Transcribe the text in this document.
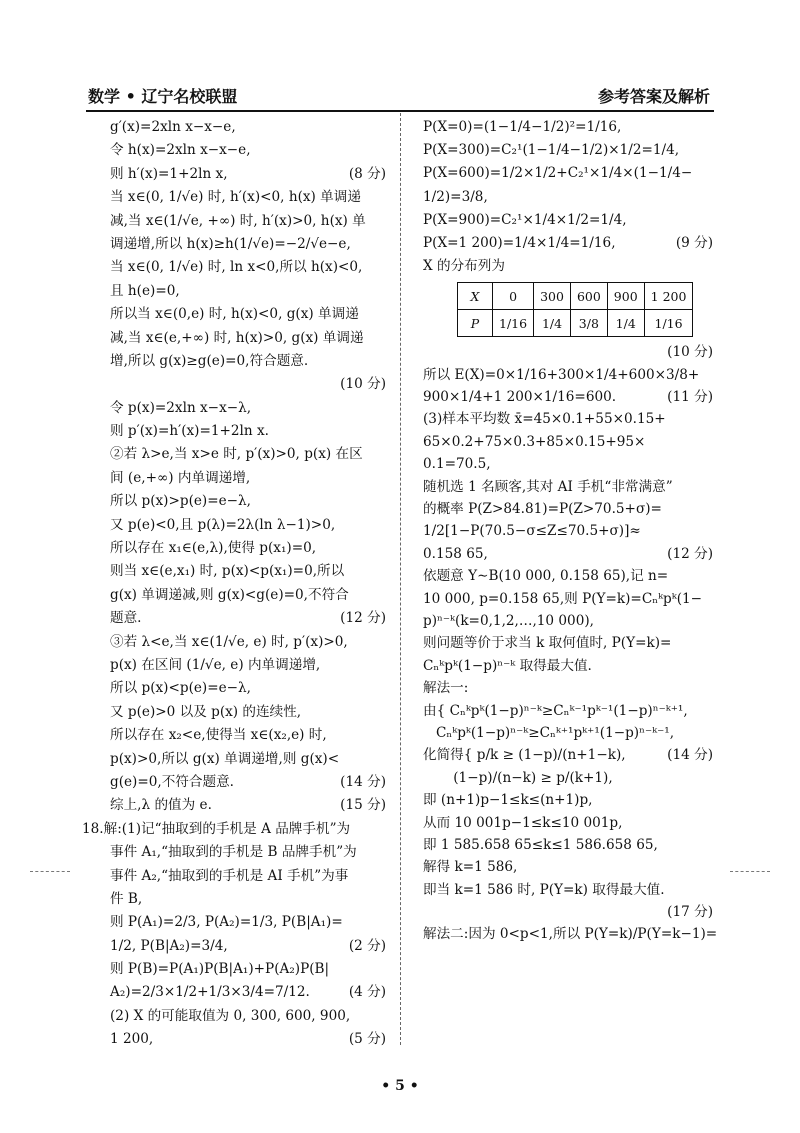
数学 • 辽宁名校联盟	参考答案及解析
g′(x)=2xln x−x−e,
令 h(x)=2xln x−x−e,
则 h′(x)=1+2ln x,	(8 分)
当 x∈(0, 1/√e) 时, h′(x)<0, h(x) 单调递
减,当 x∈(1/√e, +∞) 时, h′(x)>0, h(x) 单
调递增,所以 h(x)≥h(1/√e)=−2/√e−e,
当 x∈(0, 1/√e) 时, ln x<0,所以 h(x)<0,
且 h(e)=0,
所以当 x∈(0,e) 时, h(x)<0, g(x) 单调递
减,当 x∈(e,+∞) 时, h(x)>0, g(x) 单调递
增,所以 g(x)≥g(e)=0,符合题意.
(10 分)
令 p(x)=2xln x−x−λ,
则 p′(x)=h′(x)=1+2ln x.
②若 λ>e,当 x>e 时, p′(x)>0, p(x) 在区
间 (e,+∞) 内单调递增,
所以 p(x)>p(e)=e−λ,
又 p(e)<0,且 p(λ)=2λ(ln λ−1)>0,
所以存在 x₁∈(e,λ),使得 p(x₁)=0,
则当 x∈(e,x₁) 时, p(x)<p(x₁)=0,所以
g(x) 单调递减,则 g(x)<g(e)=0,不符合
题意.	(12 分)
③若 λ<e,当 x∈(1/√e, e) 时, p′(x)>0,
p(x) 在区间 (1/√e, e) 内单调递增,
所以 p(x)<p(e)=e−λ,
又 p(e)>0 以及 p(x) 的连续性,
所以存在 x₂<e,使得当 x∈(x₂,e) 时,
p(x)>0,所以 g(x) 单调递增,则 g(x)<
g(e)=0,不符合题意.	(14 分)
综上,λ 的值为 e.	(15 分)
18.解:(1)记“抽取到的手机是 A 品牌手机”为
事件 A₁,“抽取到的手机是 B 品牌手机”为
事件 A₂,“抽取到的手机是 AI 手机”为事
件 B,
则 P(A₁)=2/3, P(A₂)=1/3, P(B|A₁)=
1/2, P(B|A₂)=3/4,	(2 分)
则 P(B)=P(A₁)P(B|A₁)+P(A₂)P(B|
A₂)=2/3×1/2+1/3×3/4=7/12.	(4 分)
(2) X 的可能取值为 0, 300, 600, 900,
1 200,	(5 分)
P(X=0)=(1−1/4−1/2)²=1/16,
P(X=300)=C₂¹(1−1/4−1/2)×1/2=1/4,
P(X=600)=1/2×1/2+C₂¹×1/4×(1−1/4−
1/2)=3/8,
P(X=900)=C₂¹×1/4×1/2=1/4,
P(X=1 200)=1/4×1/4=1/16,	(9 分)
X 的分布列为
X	0	300	600	900	1 200
P	1/16	1/4	3/8	1/4	1/16
(10 分)
所以 E(X)=0×1/16+300×1/4+600×3/8+
900×1/4+1 200×1/16=600.	(11 分)
(3)样本平均数 x̄=45×0.1+55×0.15+
65×0.2+75×0.3+85×0.15+95×
0.1=70.5,
随机选 1 名顾客,其对 AI 手机“非常满意”
的概率 P(Z>84.81)=P(Z>70.5+σ)=
1/2[1−P(70.5−σ≤Z≤70.5+σ)]≈
0.158 65,	(12 分)
依题意 Y∼B(10 000, 0.158 65),记 n=
10 000, p=0.158 65,则 P(Y=k)=Cₙᵏpᵏ(1−
p)ⁿ⁻ᵏ(k=0,1,2,…,10 000),
则问题等价于求当 k 取何值时, P(Y=k)=
Cₙᵏpᵏ(1−p)ⁿ⁻ᵏ 取得最大值.
解法一:
由{ Cₙᵏpᵏ(1−p)ⁿ⁻ᵏ≥Cₙᵏ⁻¹pᵏ⁻¹(1−p)ⁿ⁻ᵏ⁺¹,
Cₙᵏpᵏ(1−p)ⁿ⁻ᵏ≥Cₙᵏ⁺¹pᵏ⁺¹(1−p)ⁿ⁻ᵏ⁻¹,
化简得{ p/k ≥ (1−p)/(n+1−k),	(14 分)
(1−p)/(n−k) ≥ p/(k+1),
即 (n+1)p−1≤k≤(n+1)p,
从而 10 001p−1≤k≤10 001p,
即 1 585.658 65≤k≤1 586.658 65,
解得 k=1 586,
即当 k=1 586 时, P(Y=k) 取得最大值.
(17 分)
解法二:因为 0<p<1,所以 P(Y=k)/P(Y=k−1)=
• 5 •
